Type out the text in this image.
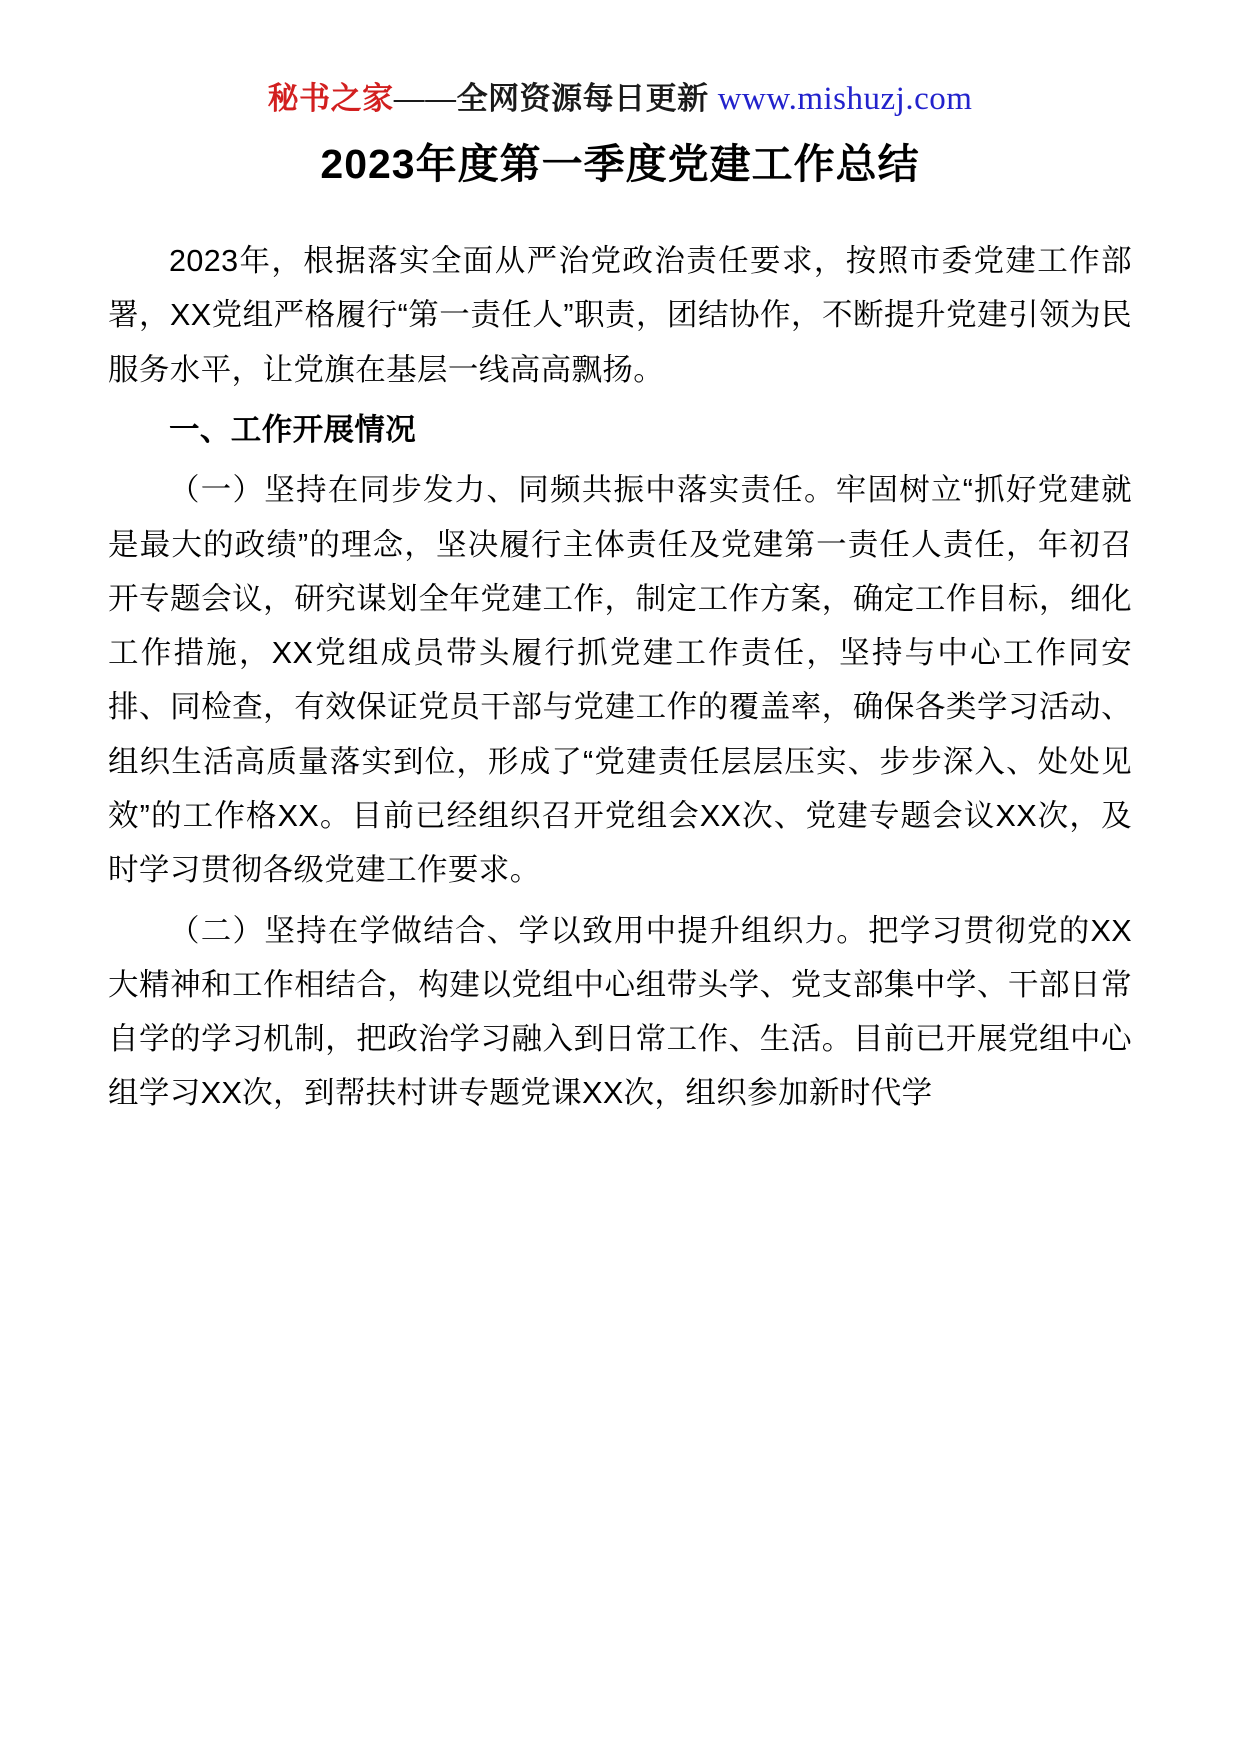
秘书之家——全网资源每日更新 www.mishuzj.com
2023年度第一季度党建工作总结

2023年，根据落实全面从严治党政治责任要求，按照市委党建工作部署，XX党组严格履行“第一责任人”职责，团结协作，不断提升党建引领为民服务水平，让党旗在基层一线高高飘扬。

一、工作开展情况

（一）坚持在同步发力、同频共振中落实责任。牢固树立“抓好党建就是最大的政绩”的理念，坚决履行主体责任及党建第一责任人责任，年初召开专题会议，研究谋划全年党建工作，制定工作方案，确定工作目标，细化工作措施，XX党组成员带头履行抓党建工作责任，坚持与中心工作同安排、同检查，有效保证党员干部与党建工作的覆盖率，确保各类学习活动、组织生活高质量落实到位，形成了“党建责任层层压实、步步深入、处处见效”的工作格XX。目前已经组织召开党组会XX次、党建专题会议XX次，及时学习贯彻各级党建工作要求。

（二）坚持在学做结合、学以致用中提升组织力。把学习贯彻党的XX大精神和工作相结合，构建以党组中心组带头学、党支部集中学、干部日常自学的学习机制，把政治学习融入到日常工作、生活。目前已开展党组中心组学习XX次，到帮扶村讲专题党课XX次，组织参加新时代学
